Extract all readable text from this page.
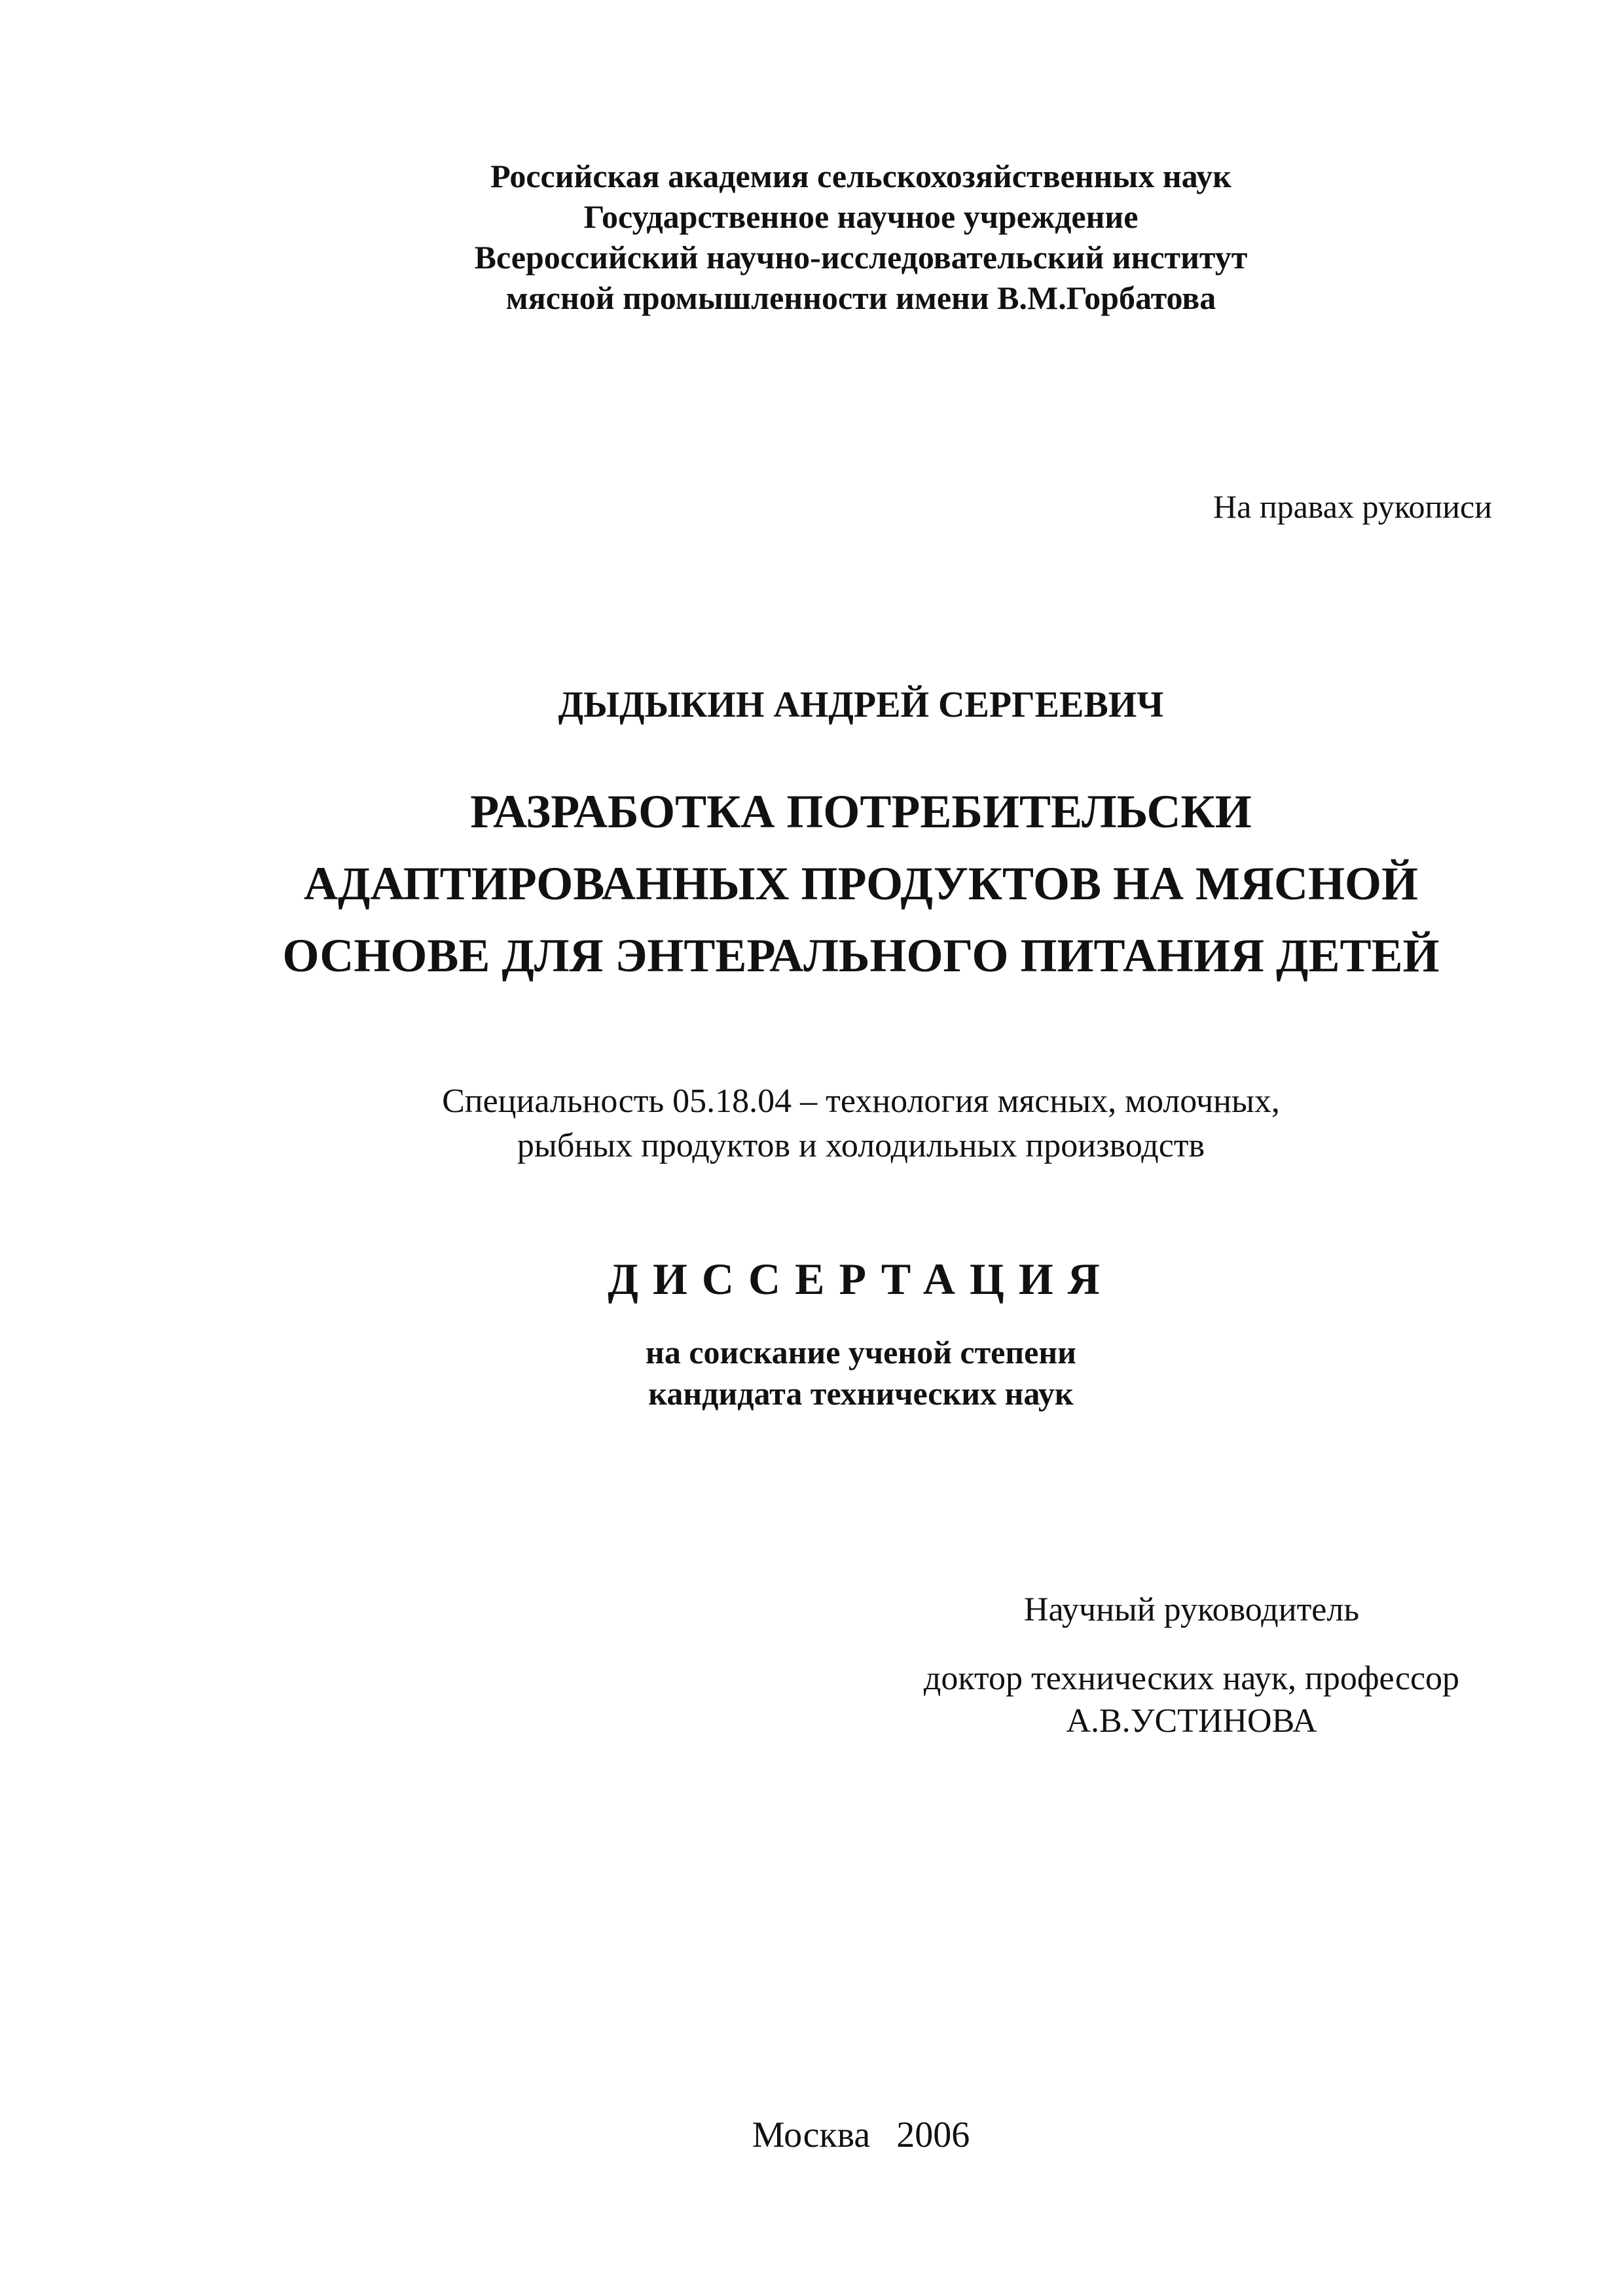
Российская академия сельскохозяйственных наук
Государственное научное учреждение
Всероссийский научно-исследовательский институт
мясной промышленности имени В.М.Горбатова
На правах рукописи
ДЫДЫКИН АНДРЕЙ СЕРГЕЕВИЧ
РАЗРАБОТКА ПОТРЕБИТЕЛЬСКИ
АДАПТИРОВАННЫХ ПРОДУКТОВ НА МЯСНОЙ
ОСНОВЕ ДЛЯ ЭНТЕРАЛЬНОГО ПИТАНИЯ ДЕТЕЙ
Специальность 05.18.04 – технология мясных, молочных,
рыбных продуктов и холодильных производств
ДИССЕРТАЦИЯ
на соискание ученой степени
кандидата технических наук
Научный руководитель
доктор технических наук, профессор
А.В.УСТИНОВА
Москва 2006
